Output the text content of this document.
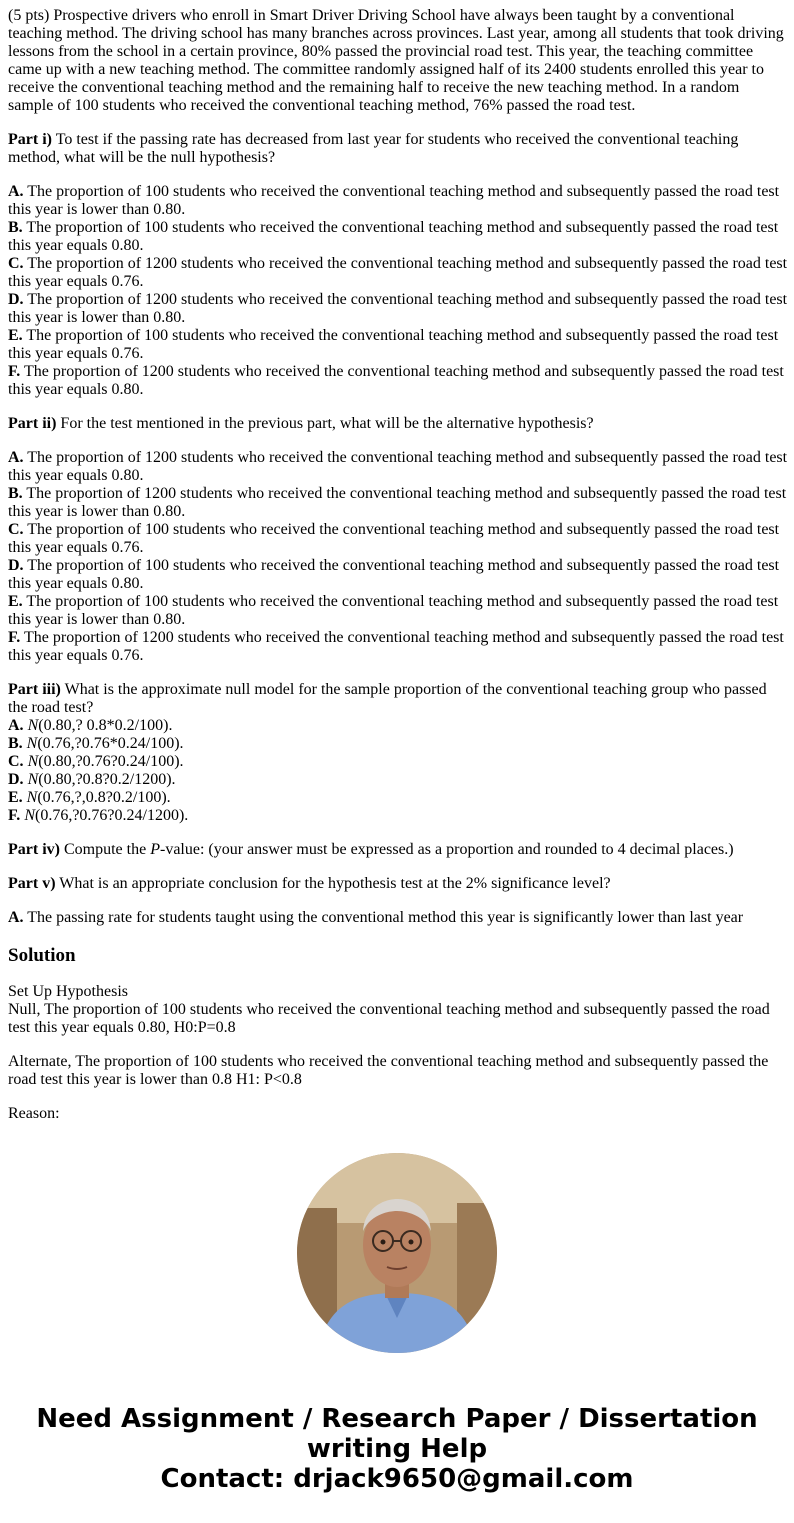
(5 pts) Prospective drivers who enroll in Smart Driver Driving School have always been taught by a conventional teaching method. The driving school has many branches across provinces. Last year, among all students that took driving lessons from the school in a certain province, 80% passed the provincial road test. This year, the teaching committee came up with a new teaching method. The committee randomly assigned half of its 2400 students enrolled this year to receive the conventional teaching method and the remaining half to receive the new teaching method. In a random sample of 100 students who received the conventional teaching method, 76% passed the road test.

Part i) To test if the passing rate has decreased from last year for students who received the conventional teaching method, what will be the null hypothesis?

A. The proportion of 100 students who received the conventional teaching method and subsequently passed the road test this year is lower than 0.80.
B. The proportion of 100 students who received the conventional teaching method and subsequently passed the road test this year equals 0.80.
C. The proportion of 1200 students who received the conventional teaching method and subsequently passed the road test this year equals 0.76.
D. The proportion of 1200 students who received the conventional teaching method and subsequently passed the road test this year is lower than 0.80.
E. The proportion of 100 students who received the conventional teaching method and subsequently passed the road test this year equals 0.76.
F. The proportion of 1200 students who received the conventional teaching method and subsequently passed the road test this year equals 0.80.

Part ii) For the test mentioned in the previous part, what will be the alternative hypothesis?

A. The proportion of 1200 students who received the conventional teaching method and subsequently passed the road test this year equals 0.80.
B. The proportion of 1200 students who received the conventional teaching method and subsequently passed the road test this year is lower than 0.80.
C. The proportion of 100 students who received the conventional teaching method and subsequently passed the road test this year equals 0.76.
D. The proportion of 100 students who received the conventional teaching method and subsequently passed the road test this year equals 0.80.
E. The proportion of 100 students who received the conventional teaching method and subsequently passed the road test this year is lower than 0.80.
F. The proportion of 1200 students who received the conventional teaching method and subsequently passed the road test this year equals 0.76.
Part iii) What is the approximate null model for the sample proportion of the conventional teaching group who passed the road test?
A. N(0.80,? 0.8*0.2/100).
B. N(0.76,?0.76*0.24/100).
C. N(0.80,?0.76?0.24/100).
D. N(0.80,?0.8?0.2/1200).
E. N(0.76,?,0.8?0.2/100).
F. N(0.76,?0.76?0.24/1200).

Part iv) Compute the P-value: (your answer must be expressed as a proportion and rounded to 4 decimal places.)

Part v) What is an appropriate conclusion for the hypothesis test at the 2% significance level?

A. The passing rate for students taught using the conventional method this year is significantly lower than last year
Solution
Set Up Hypothesis

Null, The proportion of 100 students who received the conventional teaching method and subsequently passed the road test this year equals 0.80, H0:P=0.8

Alternate, The proportion of 100 students who received the conventional teaching method and subsequently passed the road test this year is lower than 0.8 H1: P<0.8

Reason:

Need Assignment / Research Paper / Dissertation
writing Help
Contact: drjack9650@gmail.com
